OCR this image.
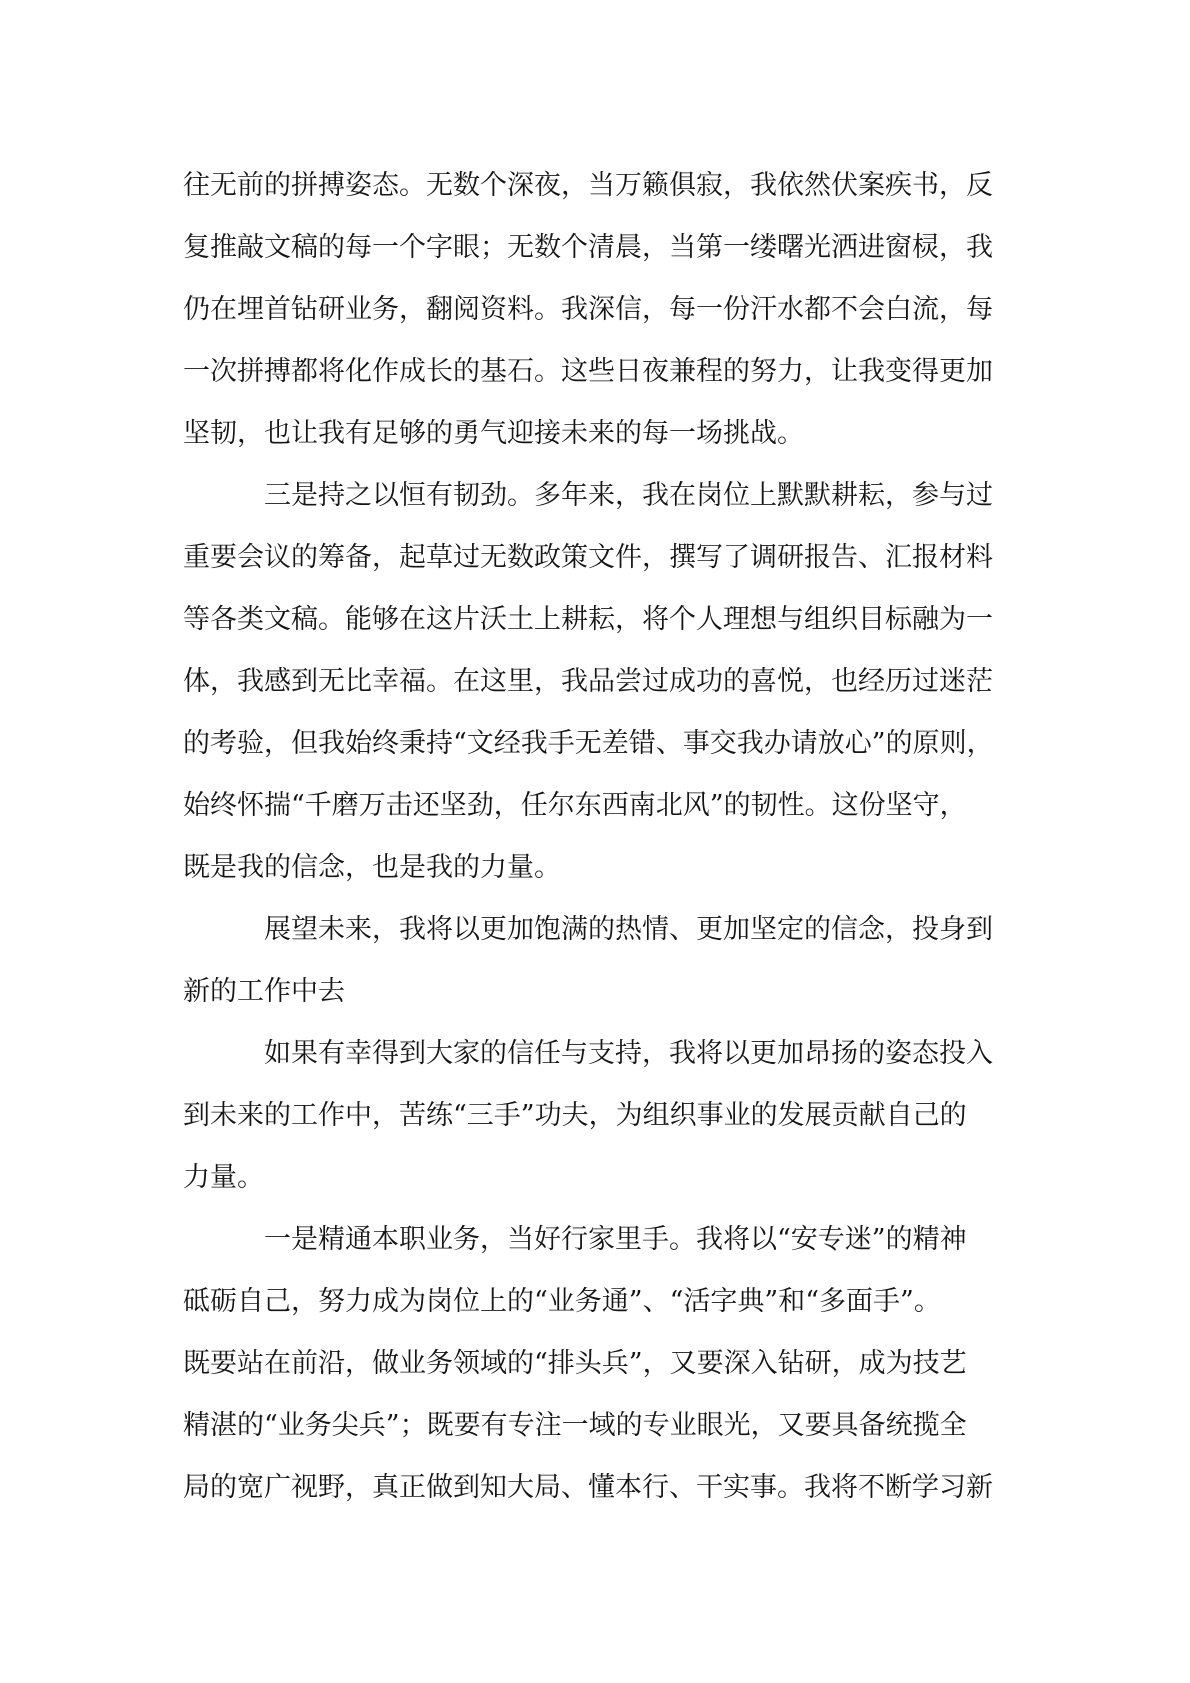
往无前的拼搏姿态。无数个深夜，当万籁俱寂，我依然伏案疾书，反
复推敲文稿的每一个字眼；无数个清晨，当第一缕曙光洒进窗棂，我
仍在埋首钻研业务，翻阅资料。我深信，每一份汗水都不会白流，每
一次拼搏都将化作成长的基石。这些日夜兼程的努力，让我变得更加
坚韧，也让我有足够的勇气迎接未来的每一场挑战。
三是持之以恒有韧劲。多年来，我在岗位上默默耕耘，参与过
重要会议的筹备，起草过无数政策文件，撰写了调研报告、汇报材料
等各类文稿。能够在这片沃土上耕耘，将个人理想与组织目标融为一
体，我感到无比幸福。在这里，我品尝过成功的喜悦，也经历过迷茫
的考验，但我始终秉持“文经我手无差错、事交我办请放心”的原则，
始终怀揣“千磨万击还坚劲，任尔东西南北风”的韧性。这份坚守，
既是我的信念，也是我的力量。
展望未来，我将以更加饱满的热情、更加坚定的信念，投身到
新的工作中去
如果有幸得到大家的信任与支持，我将以更加昂扬的姿态投入
到未来的工作中，苦练“三手”功夫，为组织事业的发展贡献自己的
力量。
一是精通本职业务，当好行家里手。我将以“安专迷”的精神
砥砺自己，努力成为岗位上的“业务通”、“活字典”和“多面手”。
既要站在前沿，做业务领域的“排头兵”，又要深入钻研，成为技艺
精湛的“业务尖兵”；既要有专注一域的专业眼光，又要具备统揽全
局的宽广视野，真正做到知大局、懂本行、干实事。我将不断学习新
